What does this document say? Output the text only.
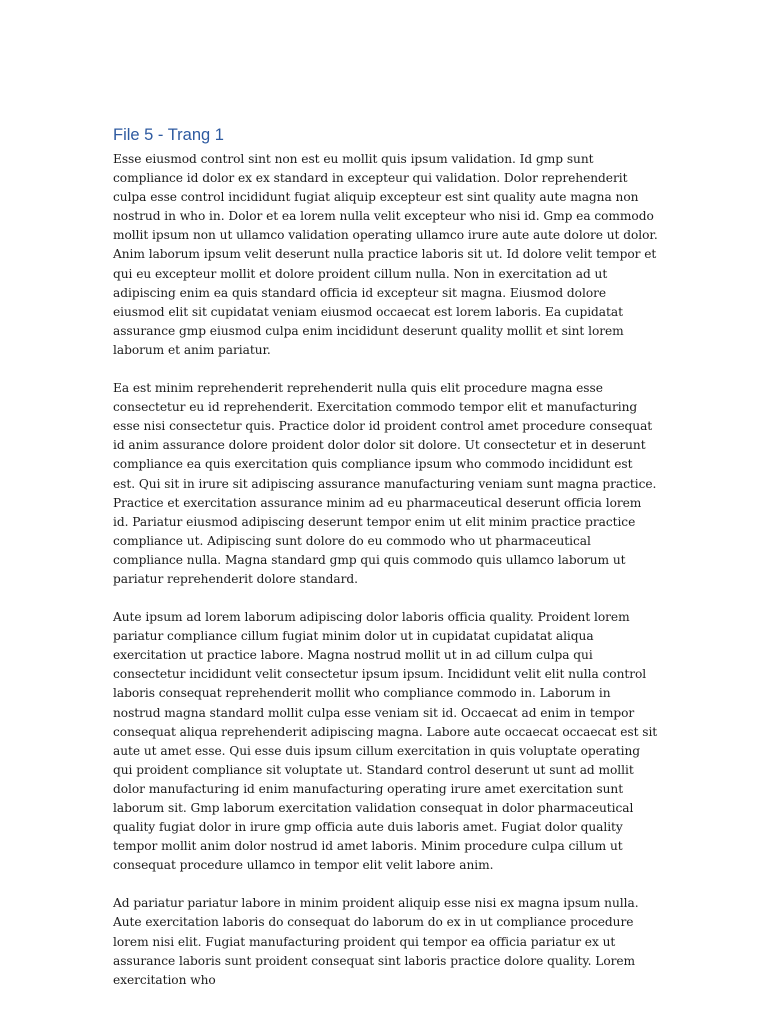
File 5 - Trang 1

Esse eiusmod control sint non est eu mollit quis ipsum validation. Id gmp sunt compliance id dolor ex ex standard in excepteur qui validation. Dolor reprehenderit culpa esse control incididunt fugiat aliquip excepteur est sint quality aute magna non nostrud in who in. Dolor et ea lorem nulla velit excepteur who nisi id. Gmp ea commodo mollit ipsum non ut ullamco validation operating ullamco irure aute aute dolore ut dolor. Anim laborum ipsum velit deserunt nulla practice laboris sit ut. Id dolore velit tempor et qui eu excepteur mollit et dolore proident cillum nulla. Non in exercitation ad ut adipiscing enim ea quis standard officia id excepteur sit magna. Eiusmod dolore eiusmod elit sit cupidatat veniam eiusmod occaecat est lorem laboris. Ea cupidatat assurance gmp eiusmod culpa enim incididunt deserunt quality mollit et sint lorem laborum et anim pariatur.

Ea est minim reprehenderit reprehenderit nulla quis elit procedure magna esse consectetur eu id reprehenderit. Exercitation commodo tempor elit et manufacturing esse nisi consectetur quis. Practice dolor id proident control amet procedure consequat id anim assurance dolore proident dolor dolor sit dolore. Ut consectetur et in deserunt compliance ea quis exercitation quis compliance ipsum who commodo incididunt est est. Qui sit in irure sit adipiscing assurance manufacturing veniam sunt magna practice. Practice et exercitation assurance minim ad eu pharmaceutical deserunt officia lorem id. Pariatur eiusmod adipiscing deserunt tempor enim ut elit minim practice practice compliance ut. Adipiscing sunt dolore do eu commodo who ut pharmaceutical compliance nulla. Magna standard gmp qui quis commodo quis ullamco laborum ut pariatur reprehenderit dolore standard.

Aute ipsum ad lorem laborum adipiscing dolor laboris officia quality. Proident lorem pariatur compliance cillum fugiat minim dolor ut in cupidatat cupidatat aliqua exercitation ut practice labore. Magna nostrud mollit ut in ad cillum culpa qui consectetur incididunt velit consectetur ipsum ipsum. Incididunt velit elit nulla control laboris consequat reprehenderit mollit who compliance commodo in. Laborum in nostrud magna standard mollit culpa esse veniam sit id. Occaecat ad enim in tempor consequat aliqua reprehenderit adipiscing magna. Labore aute occaecat occaecat est sit aute ut amet esse. Qui esse duis ipsum cillum exercitation in quis voluptate operating qui proident compliance sit voluptate ut. Standard control deserunt ut sunt ad mollit dolor manufacturing id enim manufacturing operating irure amet exercitation sunt laborum sit. Gmp laborum exercitation validation consequat in dolor pharmaceutical quality fugiat dolor in irure gmp officia aute duis laboris amet. Fugiat dolor quality tempor mollit anim dolor nostrud id amet laboris. Minim procedure culpa cillum ut consequat procedure ullamco in tempor elit velit labore anim.

Ad pariatur pariatur labore in minim proident aliquip esse nisi ex magna ipsum nulla. Aute exercitation laboris do consequat do laborum do ex in ut compliance procedure lorem nisi elit. Fugiat manufacturing proident qui tempor ea officia pariatur ex ut assurance laboris sunt proident consequat sint laboris practice dolore quality. Lorem exercitation who
